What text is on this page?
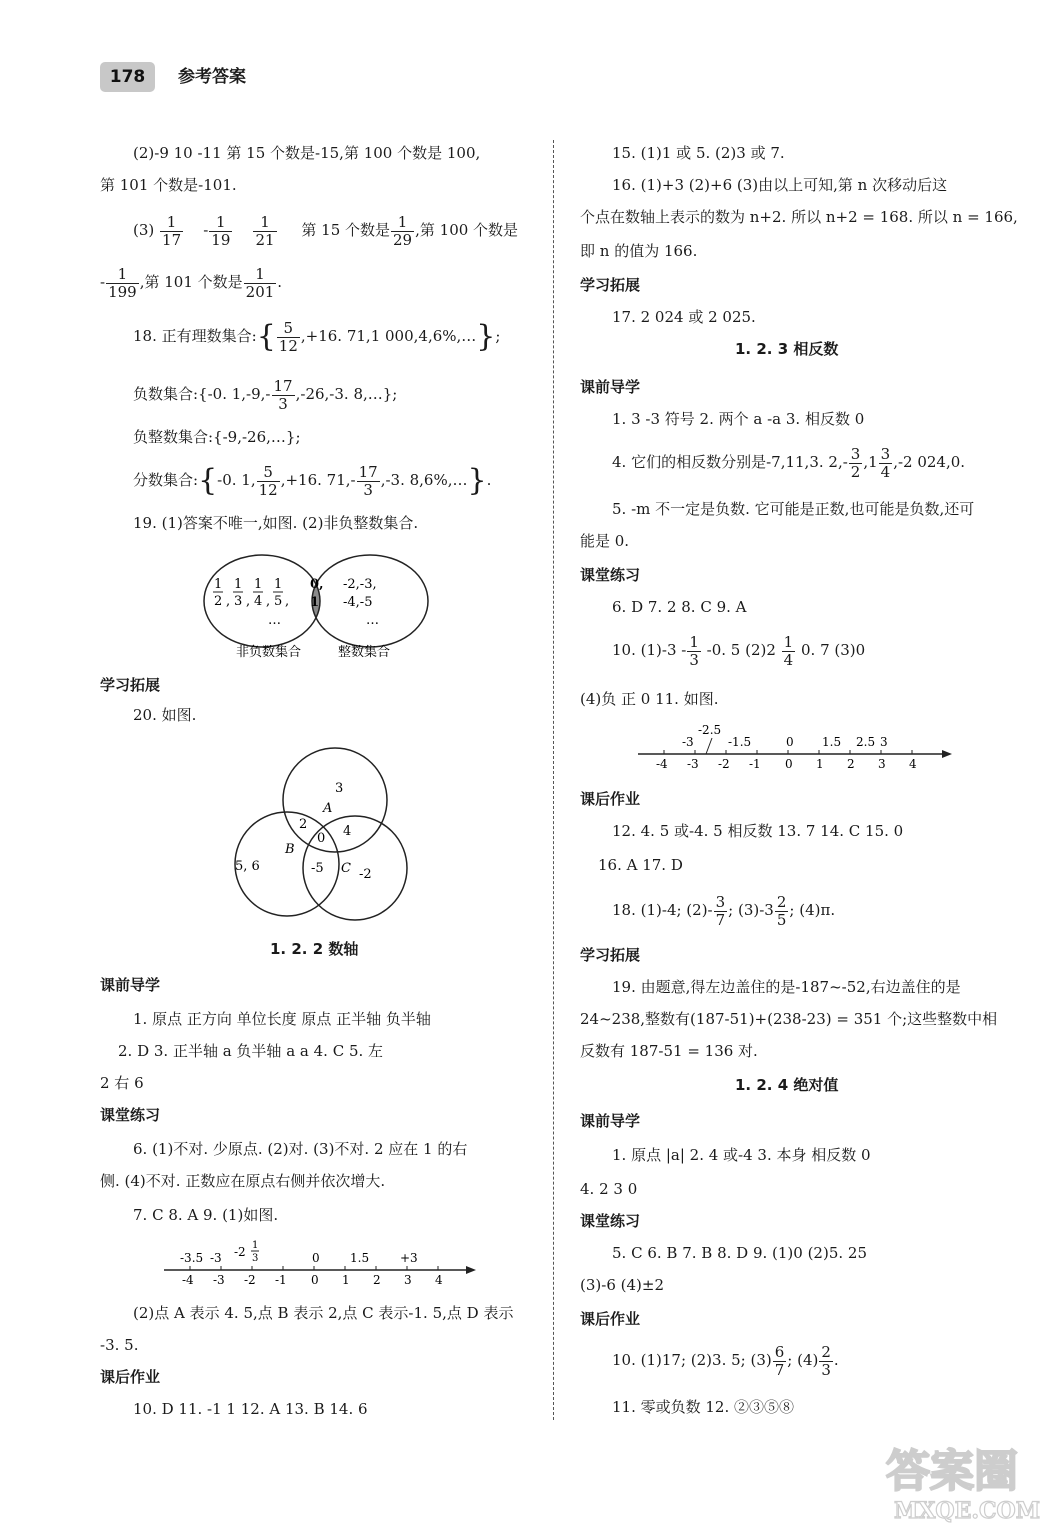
178	参考答案
(2)-9 10 -11 第 15 个数是-15,第 100 个数是 100,
第 101 个数是-101.
$(3) \frac{1}{17} - \frac{1}{19}$
$\frac{1}{21}$ 第 15 个数是 $\frac{1}{29}$ ,第 100 个数是
- $\frac{1}{199}$ ,第 101 个数是 $\frac{1}{201}$ .
18. 正有理数集合:{ $\frac{5}{12} ,+16$. 71,1 000,4,6%,…};
负数集合:{-0. $1,-9,- \frac{17}{3} ,-26,-3$. 8,…};
负整数集合:{-9,-26,…};
分数集合:{-0. 1, $\frac{5}{12} ,+16$. $71,- \frac{17}{3} ,-3$. 8,6%,…}.
19. (1)答案不唯一,如图. (2)非负整数集合.
1
2 ,
1
3 ,
1
4 ,
1
5 ,
…
0,
1
-2,-3,
-4,-5
…
非负数集合	整数集合
学习拓展
20. 如图.
3
A
2
0 4
B
-5 C
5, 6
-2
1. 2. 2 数轴
课前导学
1. 原点 正方向 单位长度 原点 正半轴 负半轴
2. D 3. 正半轴 a 负半轴 a a 4. C 5. 左
2 右 6
课堂练习
6. (1)不对. 少原点. (2)对. (3)不对. 2 应在 1 的右
侧. (4)不对. 正数应在原点右侧并依次增大.
7. C 8. A 9. (1)如图.
-4 -3 -2 -1 0 1 2 3 4
-3.5 -3 -2 1
3	0	1.5	+3
(2)点 A 表示 4. 5,点 B 表示 2,点 C 表示-1. 5,点 D 表示
-3. 5.
课后作业
10. D 11. -1 1 12. A 13. B 14. 6
15. (1)1 或 5. (2)3 或 7.
16. (1)+3 (2)+6 (3)由以上可知,第 n 次移动后这
个点在数轴上表示的数为 n+2. 所以 n+2 = 168. 所以 n = 166,
即 n 的值为 166.
学习拓展
17. 2 024 或 2 025.
1. 2. 3 相反数
课前导学
1. 3 -3 符号 2. 两个 a -a 3. 相反数 0
4. 它们的相反数分别是-7,11,3. $2,- \frac{3}{2} ,1 \frac{3}{4} ,-2$ 024,0.
5. -m 不一定是负数. 它可能是正数,也可能是负数,还可
能是 0.
课堂练习
6. D 7. 2 8. C 9. A
10. $(1)-3 - \frac{1}{3} -0$. 5 $(2)2 \frac{1}{4} 0$. 7 (3)0
(4)负 正 0 11. 如图.
-4 -3 -2 -1 0 1 2 3 4
-3
-2.5
-1.5	0 1.5 2.5 3
课后作业
12. 4. 5 或-4. 5 相反数 13. 7 14. C 15. 0
16. A 17. D
18. (1)-4; $(2)- \frac{3}{7}$ ; $(3)-3 \frac{2}{5}$ ; (4)π.
学习拓展
19. 由题意,得左边盖住的是-187~-52,右边盖住的是
24~238,整数有(187-51)+(238-23) = 351 个;这些整数中相
反数有 187-51 = 136 对.
1. 2. 4 绝对值
课前导学
1. 原点 |a| 2. 4 或-4 3. 本身 相反数 0
4. 2 3 0
课堂练习
5. C 6. B 7. B 8. D 9. (1)0 (2)5. 25
(3)-6 (4)±2
课后作业
10. (1)17; (2)3. 5; $(3) \frac{6}{7}$ ; $(4) \frac{2}{3}$ .
11. 零或负数 12. ②③⑤⑧
答案圈
MXQE.COM
